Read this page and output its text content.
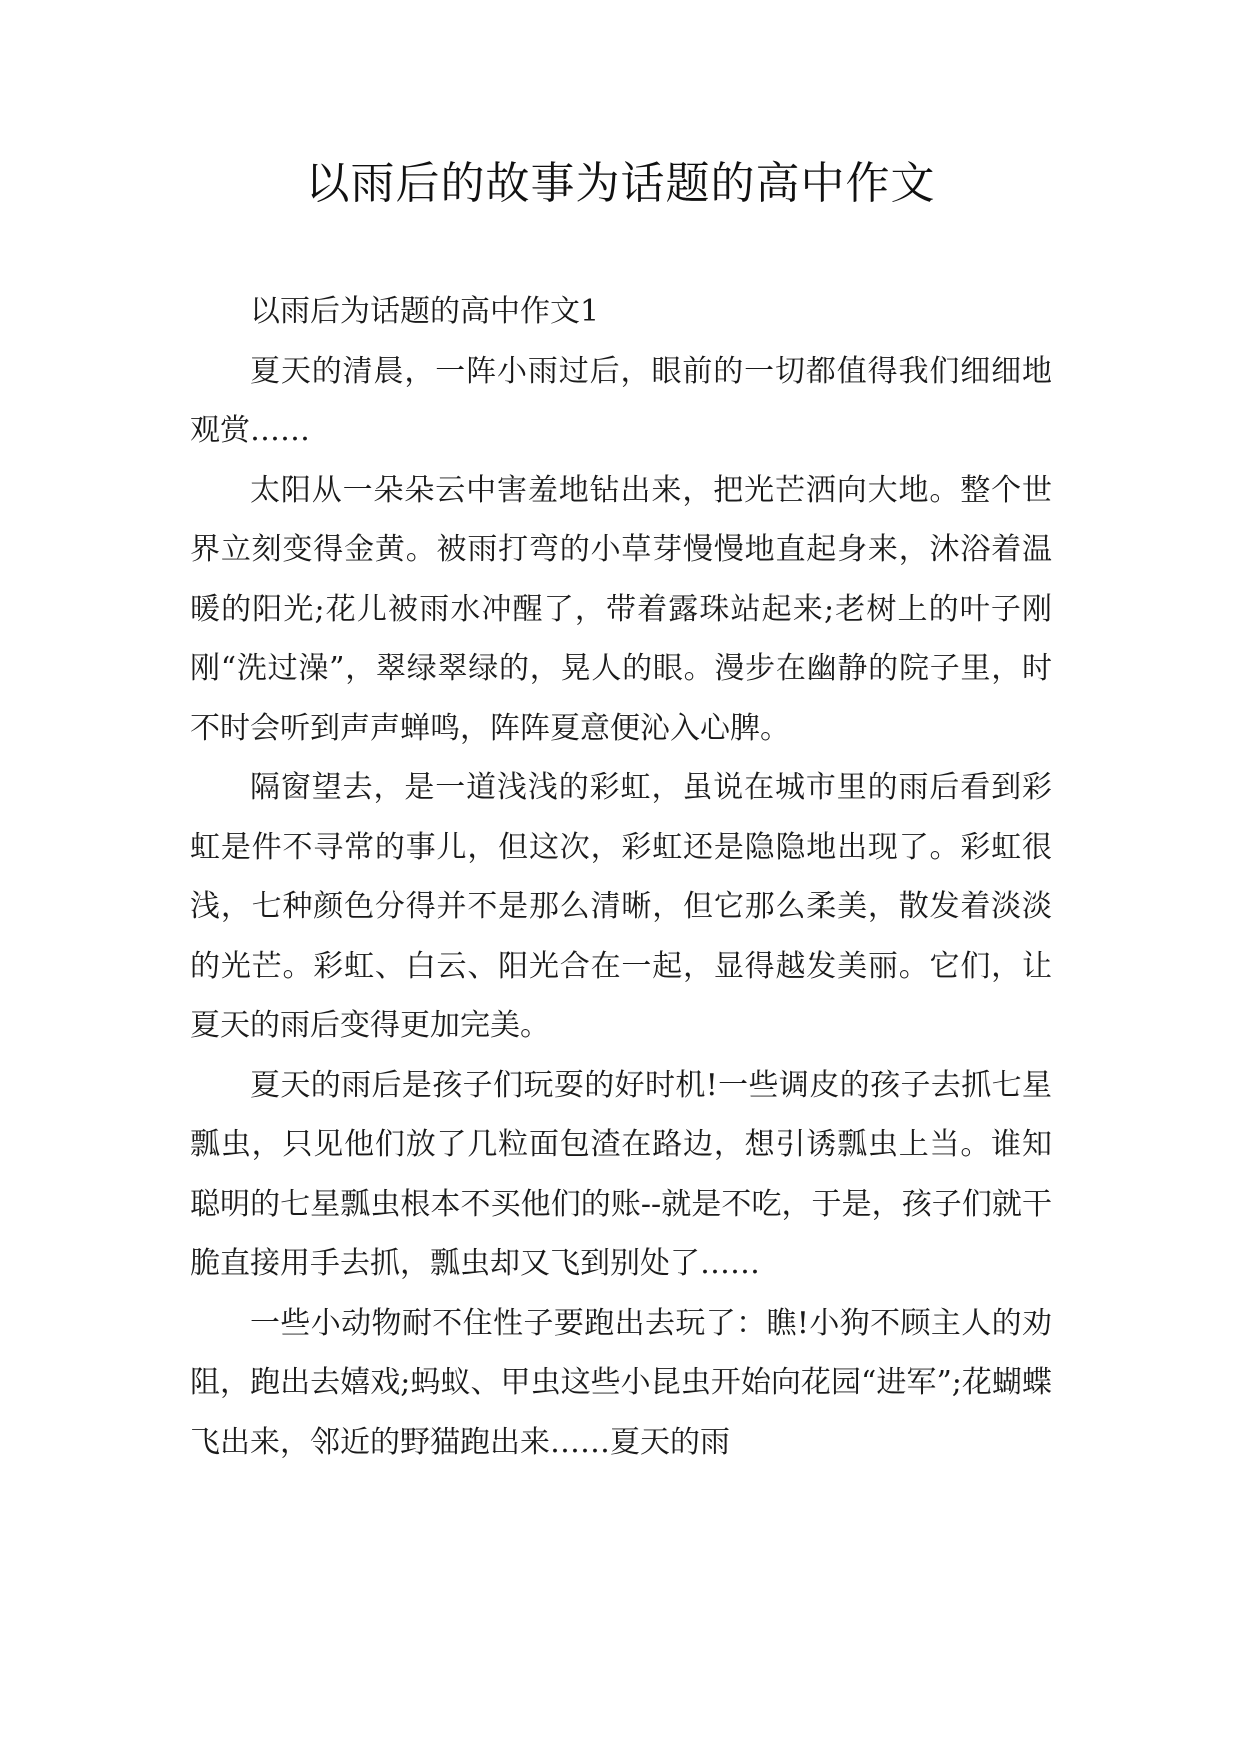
以雨后的故事为话题的高中作文

以雨后为话题的高中作文1

夏天的清晨，一阵小雨过后，眼前的一切都值得我们细细地观赏……

太阳从一朵朵云中害羞地钻出来，把光芒洒向大地。整个世界立刻变得金黄。被雨打弯的小草芽慢慢地直起身来，沐浴着温暖的阳光;花儿被雨水冲醒了，带着露珠站起来;老树上的叶子刚刚“洗过澡”，翠绿翠绿的，晃人的眼。漫步在幽静的院子里，时不时会听到声声蝉鸣，阵阵夏意便沁入心脾。

隔窗望去，是一道浅浅的彩虹，虽说在城市里的雨后看到彩虹是件不寻常的事儿，但这次，彩虹还是隐隐地出现了。彩虹很浅，七种颜色分得并不是那么清晰，但它那么柔美，散发着淡淡的光芒。彩虹、白云、阳光合在一起，显得越发美丽。它们，让夏天的雨后变得更加完美。

夏天的雨后是孩子们玩耍的好时机!一些调皮的孩子去抓七星瓢虫，只见他们放了几粒面包渣在路边，想引诱瓢虫上当。谁知聪明的七星瓢虫根本不买他们的账--就是不吃，于是，孩子们就干脆直接用手去抓，瓢虫却又飞到别处了……

一些小动物耐不住性子要跑出去玩了：瞧!小狗不顾主人的劝阻，跑出去嬉戏;蚂蚁、甲虫这些小昆虫开始向花园“进军”;花蝴蝶飞出来，邻近的野猫跑出来……夏天的雨
